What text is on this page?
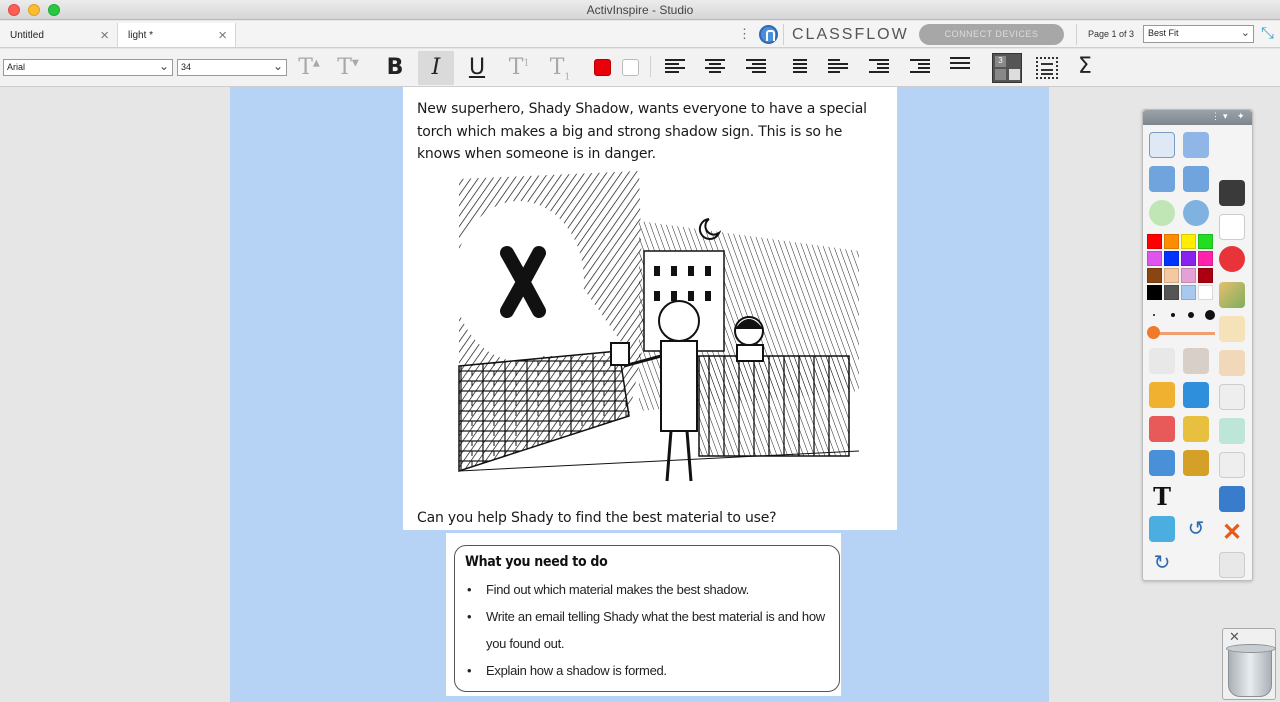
ActivInspire - Studio
Untitled	×	light *	×	⋮	CLASSFLOW	CONNECT DEVICES	Page 1 of 3	Best Fit	⌄ ⤡
Arial	⌄	34	⌄ T▲ T▼	B	I	U	$T^1$ $T_1$
3	Σ
New superhero, Shady Shadow, wants everyone to have a special torch which makes a big and strong shadow sign. This is so he knows when someone is in danger.
Can you help Shady to find the best material to use?
What you need to do
• Find out which material makes the best shadow.
• Write an email telling Shady what the best material is and how you found out.
• Explain how a shadow is formed.
⋮ ▾ ✦
T
↺ ✕
↻
✕
